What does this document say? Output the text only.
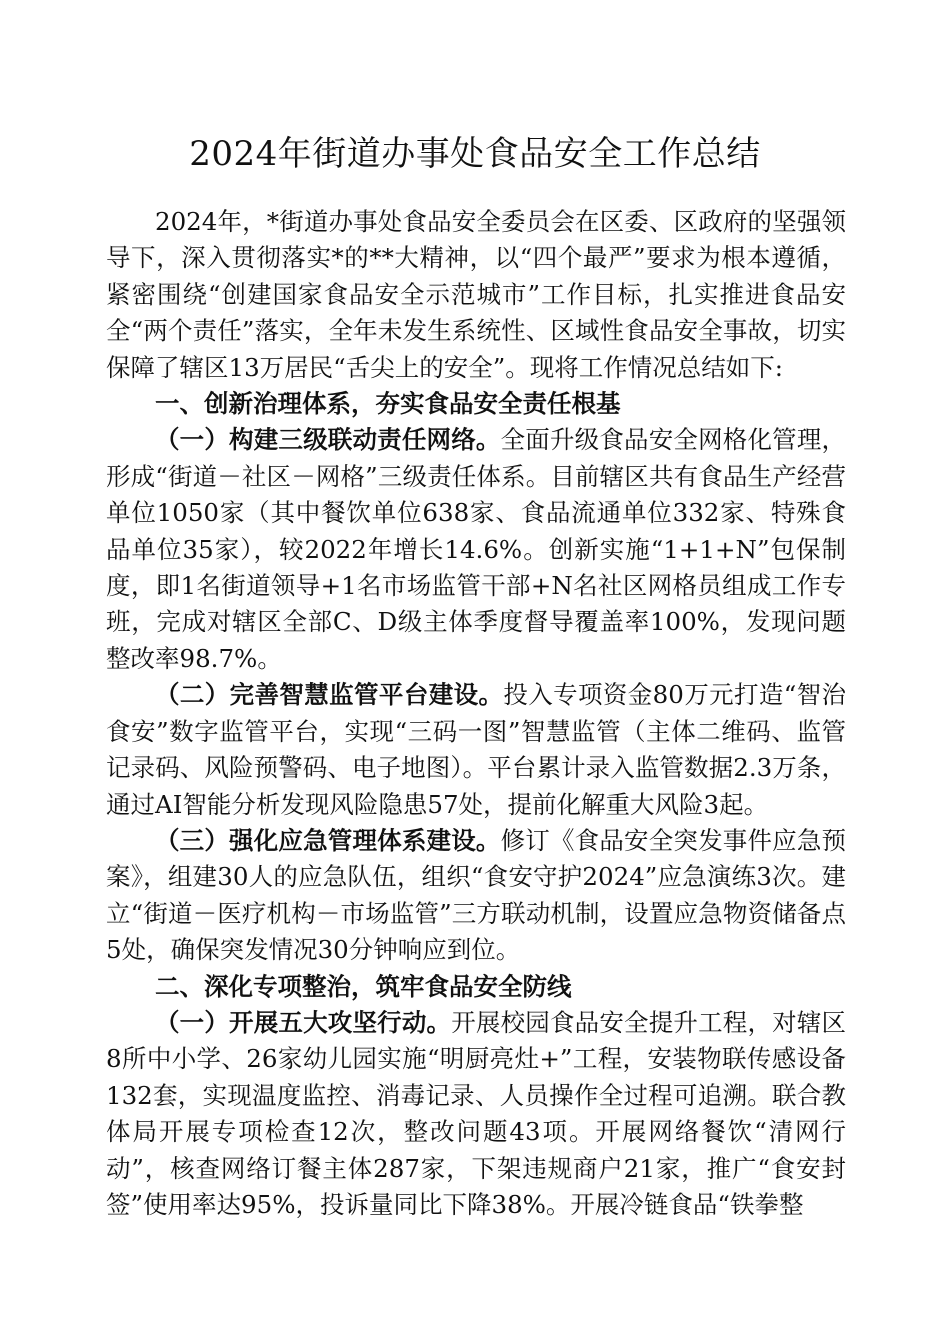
2024年街道办事处食品安全工作总结

2024年，*街道办事处食品安全委员会在区委、区政府的坚强领导下，深入贯彻落实*的**大精神，以“四个最严”要求为根本遵循，紧密围绕“创建国家食品安全示范城市”工作目标，扎实推进食品安全“两个责任”落实，全年未发生系统性、区域性食品安全事故，切实保障了辖区13万居民“舌尖上的安全”。现将工作情况总结如下:

一、创新治理体系，夯实食品安全责任根基

（一）构建三级联动责任网络。全面升级食品安全网格化管理，形成“街道－社区－网格”三级责任体系。目前辖区共有食品生产经营单位1050家（其中餐饮单位638家、食品流通单位332家、特殊食品单位35家），较2022年增长14.6%。创新实施“1+1+N”包保制度，即1名街道领导+1名市场监管干部+N名社区网格员组成工作专班，完成对辖区全部C、D级主体季度督导覆盖率100%，发现问题整改率98.7%。

（二）完善智慧监管平台建设。投入专项资金80万元打造“智治食安”数字监管平台，实现“三码一图”智慧监管（主体二维码、监管记录码、风险预警码、电子地图）。平台累计录入监管数据2.3万条，通过AI智能分析发现风险隐患57处，提前化解重大风险3起。

（三）强化应急管理体系建设。修订《食品安全突发事件应急预案》，组建30人的应急队伍，组织“食安守护2024”应急演练3次。建立“街道－医疗机构－市场监管”三方联动机制，设置应急物资储备点5处，确保突发情况30分钟响应到位。

二、深化专项整治，筑牢食品安全防线

（一）开展五大攻坚行动。开展校园食品安全提升工程，对辖区8所中小学、26家幼儿园实施“明厨亮灶+”工程，安装物联传感设备132套，实现温度监控、消毒记录、人员操作全过程可追溯。联合教体局开展专项检查12次，整改问题43项。开展网络餐饮“清网行动”，核查网络订餐主体287家，下架违规商户21家，推广“食安封签”使用率达95%，投诉量同比下降38%。开展冷链食品“铁拳整
